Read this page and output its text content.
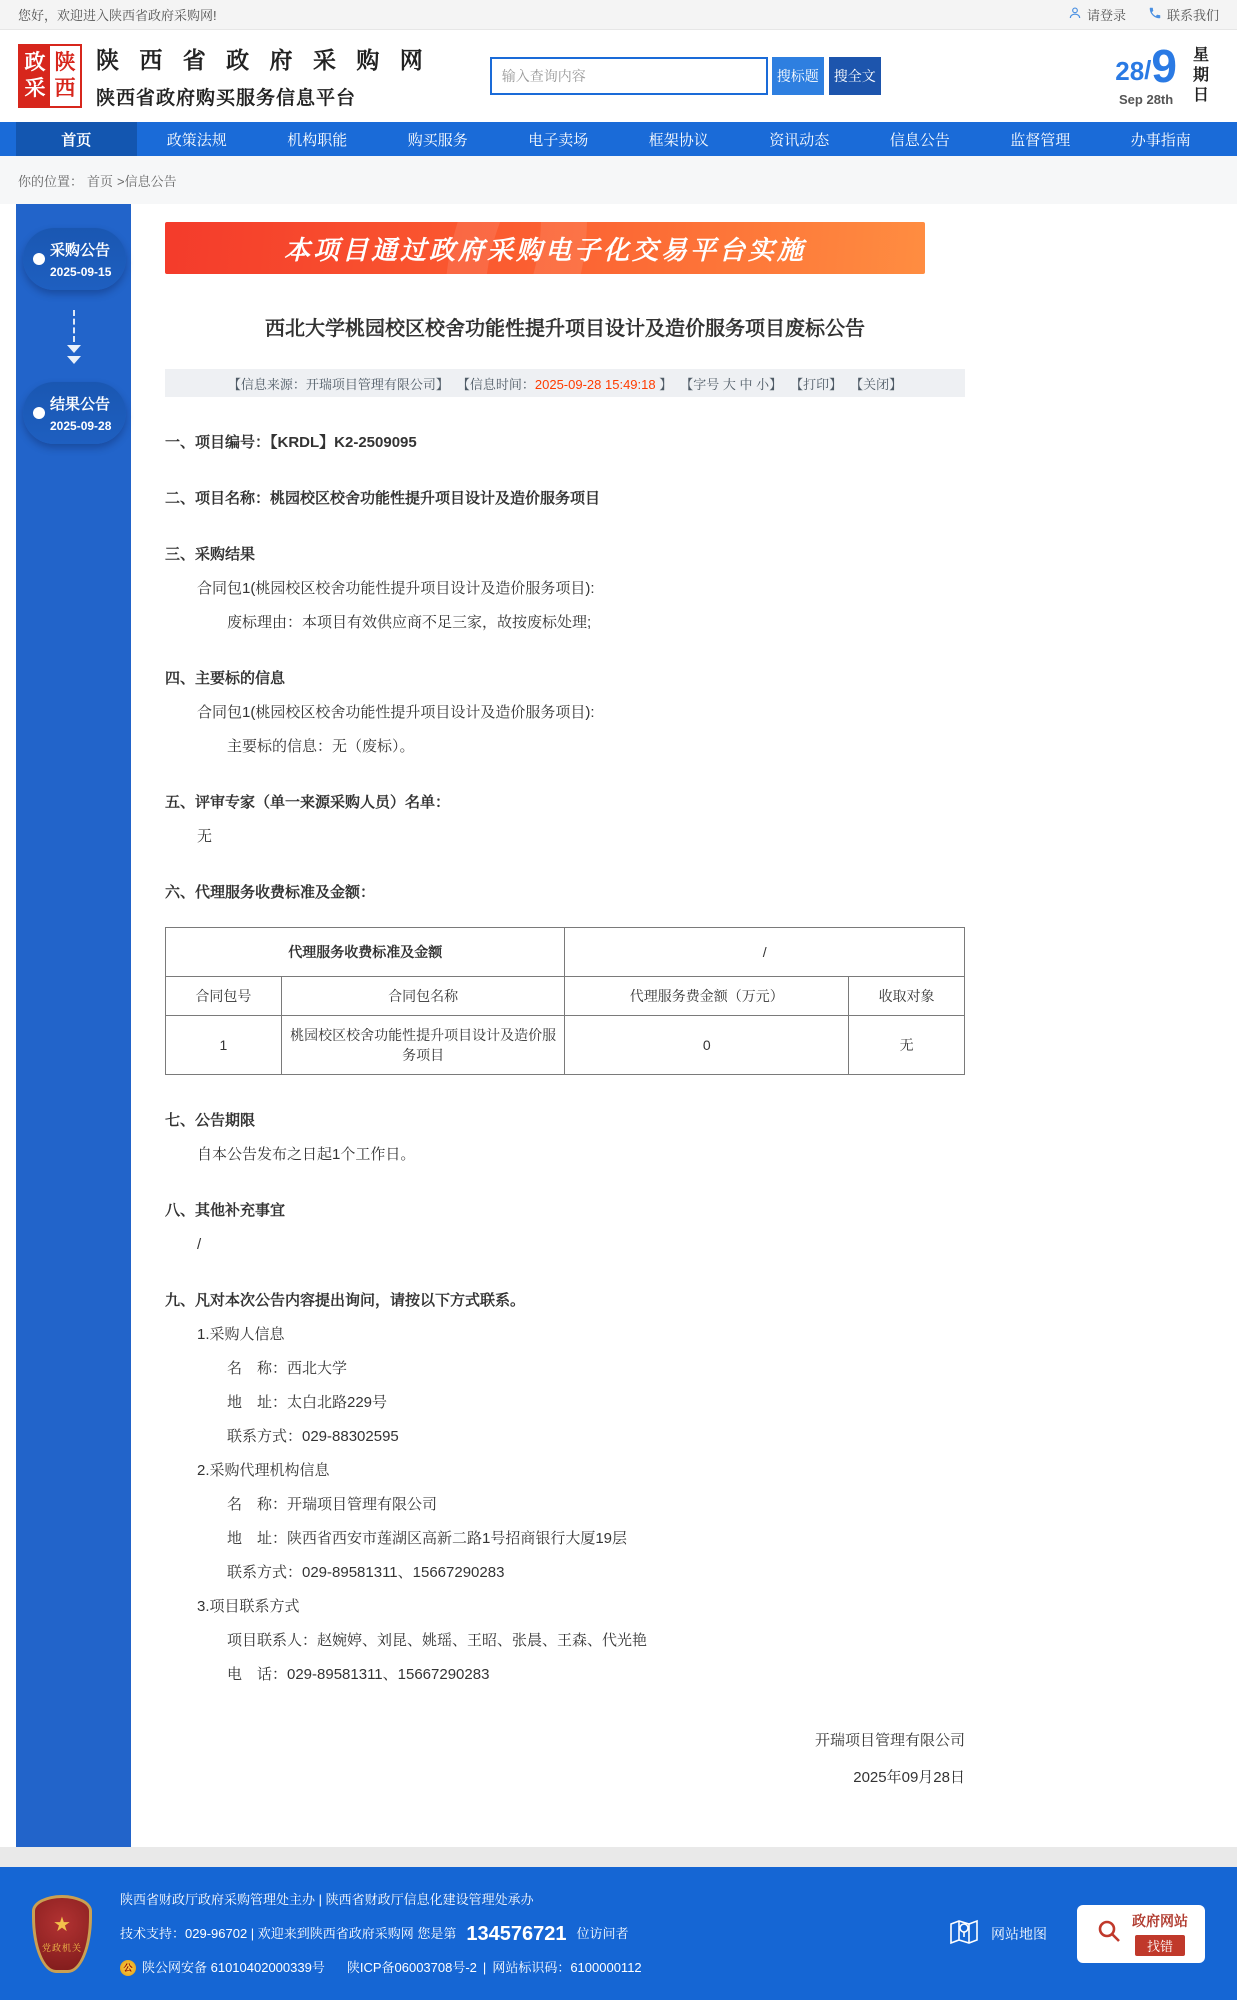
您好，欢迎进入陕西省政府采购网!	请登录	联系我们
政
采
陕
西
陕 西 省 政 府 采 购 网
陕西省政府购买服务信息平台
输入查询内容
搜标题	搜全文	28 / 9
Sep 28th
星
期
日
首页	政策法规	机构职能	购买服务	电子卖场	框架协议	资讯动态	信息公告	监督管理	办事指南
你的位置： 首页 >信息公告
采购公告
2025-09-15
结果公告
2025-09-28
本项目通过政府采购电子化交易平台实施
西北大学桃园校区校舍功能性提升项目设计及造价服务项目废标公告
【信息来源：开瑞项目管理有限公司】 【信息时间：2025-09-28 15:49:18 】 【字号 大 中 小】 【打印】 【关闭】
一、项目编号：【KRDL】K2-2509095
二、项目名称：桃园校区校舍功能性提升项目设计及造价服务项目
三、采购结果
合同包1(桃园校区校舍功能性提升项目设计及造价服务项目):
废标理由：本项目有效供应商不足三家，故按废标处理;
四、主要标的信息
合同包1(桃园校区校舍功能性提升项目设计及造价服务项目):
主要标的信息：无（废标）。
五、评审专家（单一来源采购人员）名单：
无
六、代理服务收费标准及金额：
代理服务收费标准及金额		/	
合同包号	合同包名称	代理服务费金额（万元）	收取对象
1	桃园校区校舍功能性提升项目设计及造价服务项目	0	无
七、公告期限
自本公告发布之日起1个工作日。
八、其他补充事宜
/
九、凡对本次公告内容提出询问，请按以下方式联系。
1.采购人信息
名　称：西北大学
地　址：太白北路229号
联系方式：029-88302595
2.采购代理机构信息
名　称：开瑞项目管理有限公司
地　址：陕西省西安市莲湖区高新二路1号招商银行大厦19层
联系方式：029-89581311、15667290283
3.项目联系方式
项目联系人：赵婉婷、刘昆、姚瑶、王昭、张晨、王森、代光艳
电　话：029-89581311、15667290283
开瑞项目管理有限公司
2025年09月28日
★
党政机关
陕西省财政厅政府采购管理处主办 | 陕西省财政厅信息化建设管理处承办
技术支持：029-96702 | 欢迎来到陕西省政府采购网 您是第 134576721 位访问者
公 陕公网安备 61010402000339号 陕ICP备06003708号-2 | 网站标识码：6100000112
网站地图
政府网站
找错
